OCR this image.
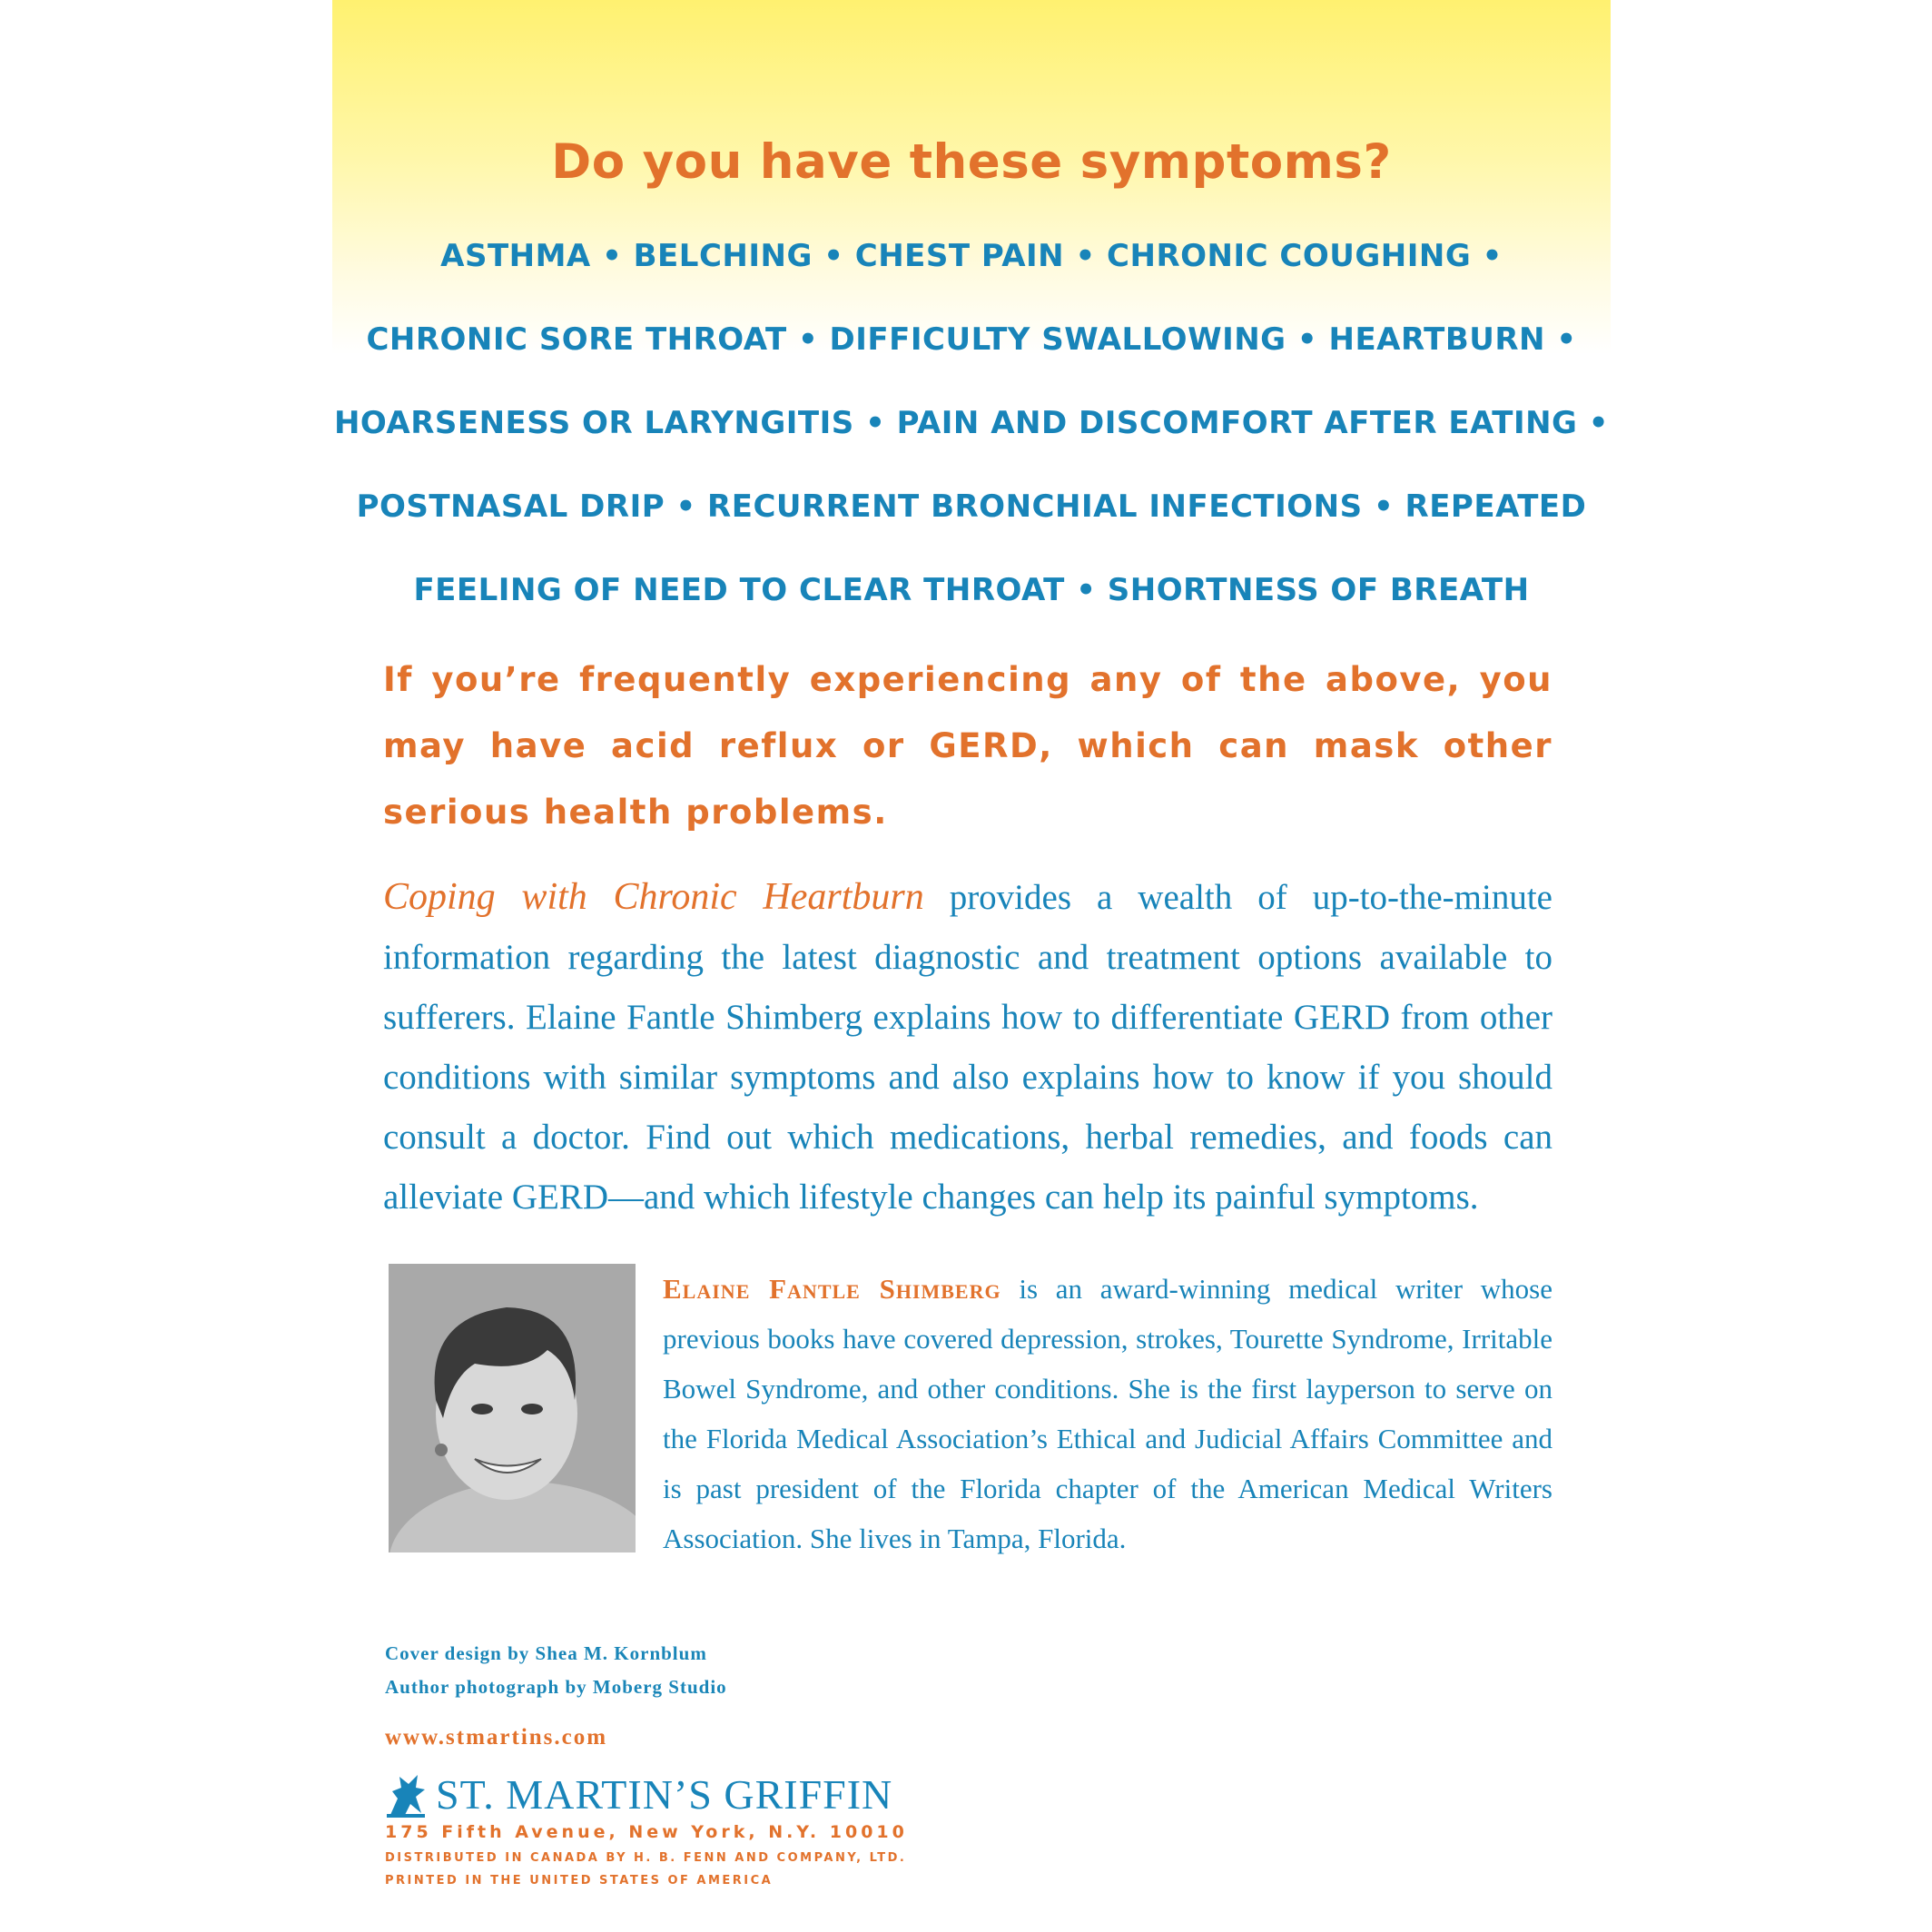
Do you have these symptoms?
ASTHMA • BELCHING • CHEST PAIN • CHRONIC COUGHING •
CHRONIC SORE THROAT • DIFFICULTY SWALLOWING • HEARTBURN •
HOARSENESS OR LARYNGITIS • PAIN AND DISCOMFORT AFTER EATING •
POSTNASAL DRIP • RECURRENT BRONCHIAL INFECTIONS • REPEATED
FEELING OF NEED TO CLEAR THROAT • SHORTNESS OF BREATH
If you’re frequently experiencing any of the above, you may have acid reflux or GERD, which can mask other serious health problems.
Coping with Chronic Heartburn provides a wealth of up-to-the-minute information regarding the latest diagnostic and treatment options available to sufferers. Elaine Fantle Shimberg explains how to differentiate GERD from other conditions with similar symptoms and also explains how to know if you should consult a doctor. Find out which medications, herbal remedies, and foods can alleviate GERD—and which lifestyle changes can help its painful symptoms.
Elaine Fantle Shimberg is an award-winning medical writer whose previous books have covered depression, strokes, Tourette Syndrome, Irritable Bowel Syndrome, and other conditions. She is the first layperson to serve on the Florida Medical Association’s Ethical and Judicial Affairs Committee and is past president of the Florida chapter of the American Medical Writers Association. She lives in Tampa, Florida.
Cover design by Shea M. Kornblum
Author photograph by Moberg Studio
www.stmartins.com
ST. MARTIN’S GRIFFIN
175 Fifth Avenue, New York, N.Y. 10010
DISTRIBUTED IN CANADA BY H. B. FENN AND COMPANY, LTD.
PRINTED IN THE UNITED STATES OF AMERICA
